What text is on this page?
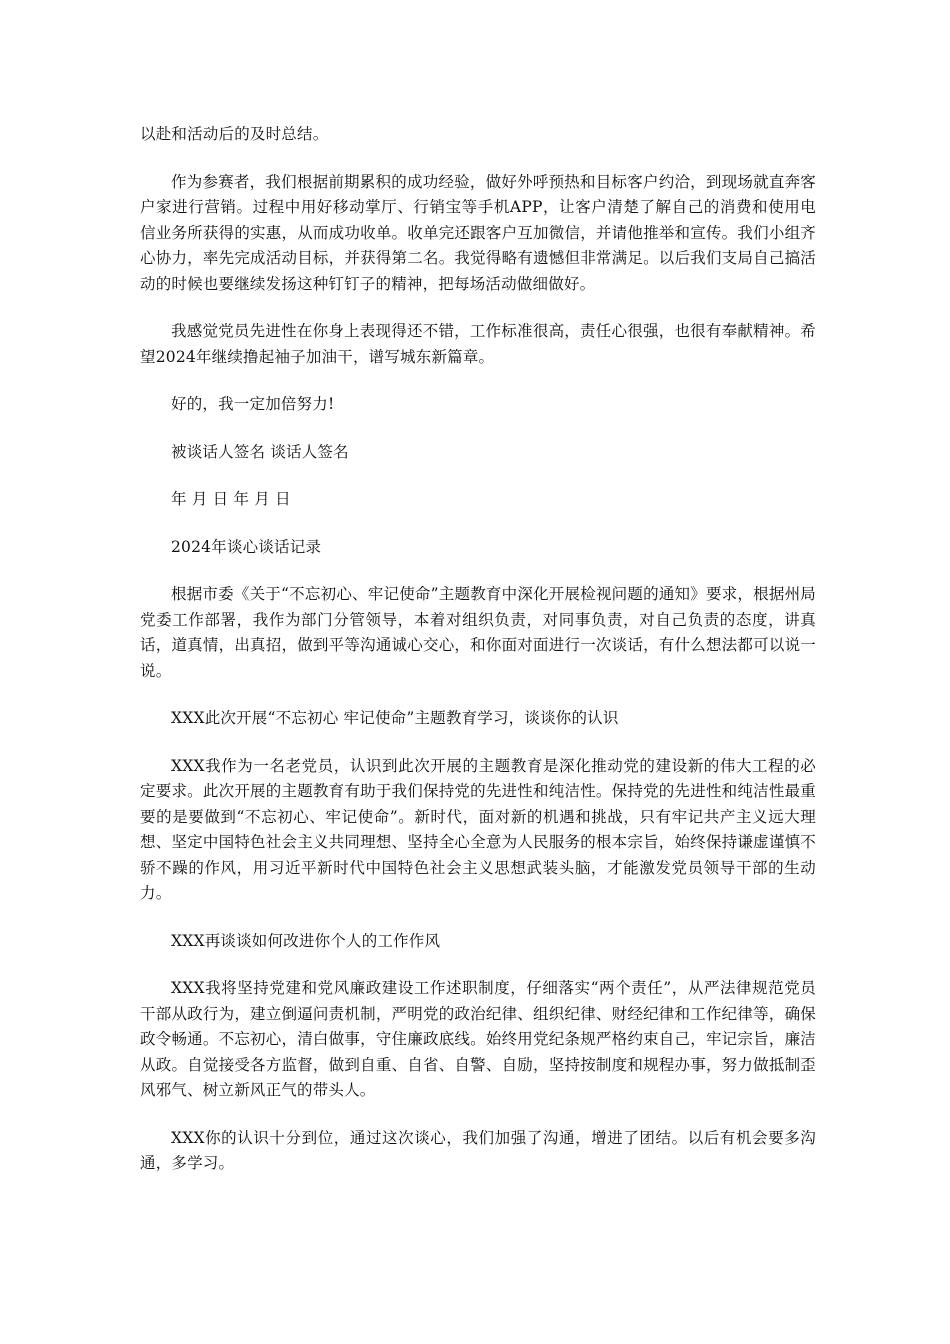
以赴和活动后的及时总结。

作为参赛者，我们根据前期累积的成功经验，做好外呼预热和目标客户约洽，到现场就直奔客户家进行营销。过程中用好移动掌厅、行销宝等手机APP，让客户清楚了解自己的消费和使用电信业务所获得的实惠，从而成功收单。收单完还跟客户互加微信，并请他推举和宣传。我们小组齐心协力，率先完成活动目标，并获得第二名。我觉得略有遗憾但非常满足。以后我们支局自己搞活动的时候也要继续发扬这种钉钉子的精神，把每场活动做细做好。

我感觉党员先进性在你身上表现得还不错，工作标准很高，责任心很强，也很有奉献精神。希望2024年继续撸起袖子加油干，谱写城东新篇章。

好的，我一定加倍努力!

被谈话人签名 谈话人签名

年 月 日 年 月 日

2024年谈心谈话记录

根据市委《关于“不忘初心、牢记使命”主题教育中深化开展检视问题的通知》要求，根据州局党委工作部署，我作为部门分管领导，本着对组织负责，对同事负责，对自己负责的态度，讲真话，道真情，出真招，做到平等沟通诚心交心，和你面对面进行一次谈话，有什么想法都可以说一说。

XXX此次开展“不忘初心 牢记使命”主题教育学习，谈谈你的认识

XXX我作为一名老党员，认识到此次开展的主题教育是深化推动党的建设新的伟大工程的必定要求。此次开展的主题教育有助于我们保持党的先进性和纯洁性。保持党的先进性和纯洁性最重要的是要做到“不忘初心、牢记使命”。新时代，面对新的机遇和挑战，只有牢记共产主义远大理想、坚定中国特色社会主义共同理想、坚持全心全意为人民服务的根本宗旨，始终保持谦虚谨慎不骄不躁的作风，用习近平新时代中国特色社会主义思想武装头脑，才能激发党员领导干部的生动力。

XXX再谈谈如何改进你个人的工作作风

XXX我将坚持党建和党风廉政建设工作述职制度，仔细落实“两个责任”，从严法律规范党员干部从政行为，建立倒逼问责机制，严明党的政治纪律、组织纪律、财经纪律和工作纪律等，确保政令畅通。不忘初心，清白做事，守住廉政底线。始终用党纪条规严格约束自己，牢记宗旨，廉洁从政。自觉接受各方监督，做到自重、自省、自警、自励，坚持按制度和规程办事，努力做抵制歪风邪气、树立新风正气的带头人。

XXX你的认识十分到位，通过这次谈心，我们加强了沟通，增进了团结。以后有机会要多沟通，多学习。
